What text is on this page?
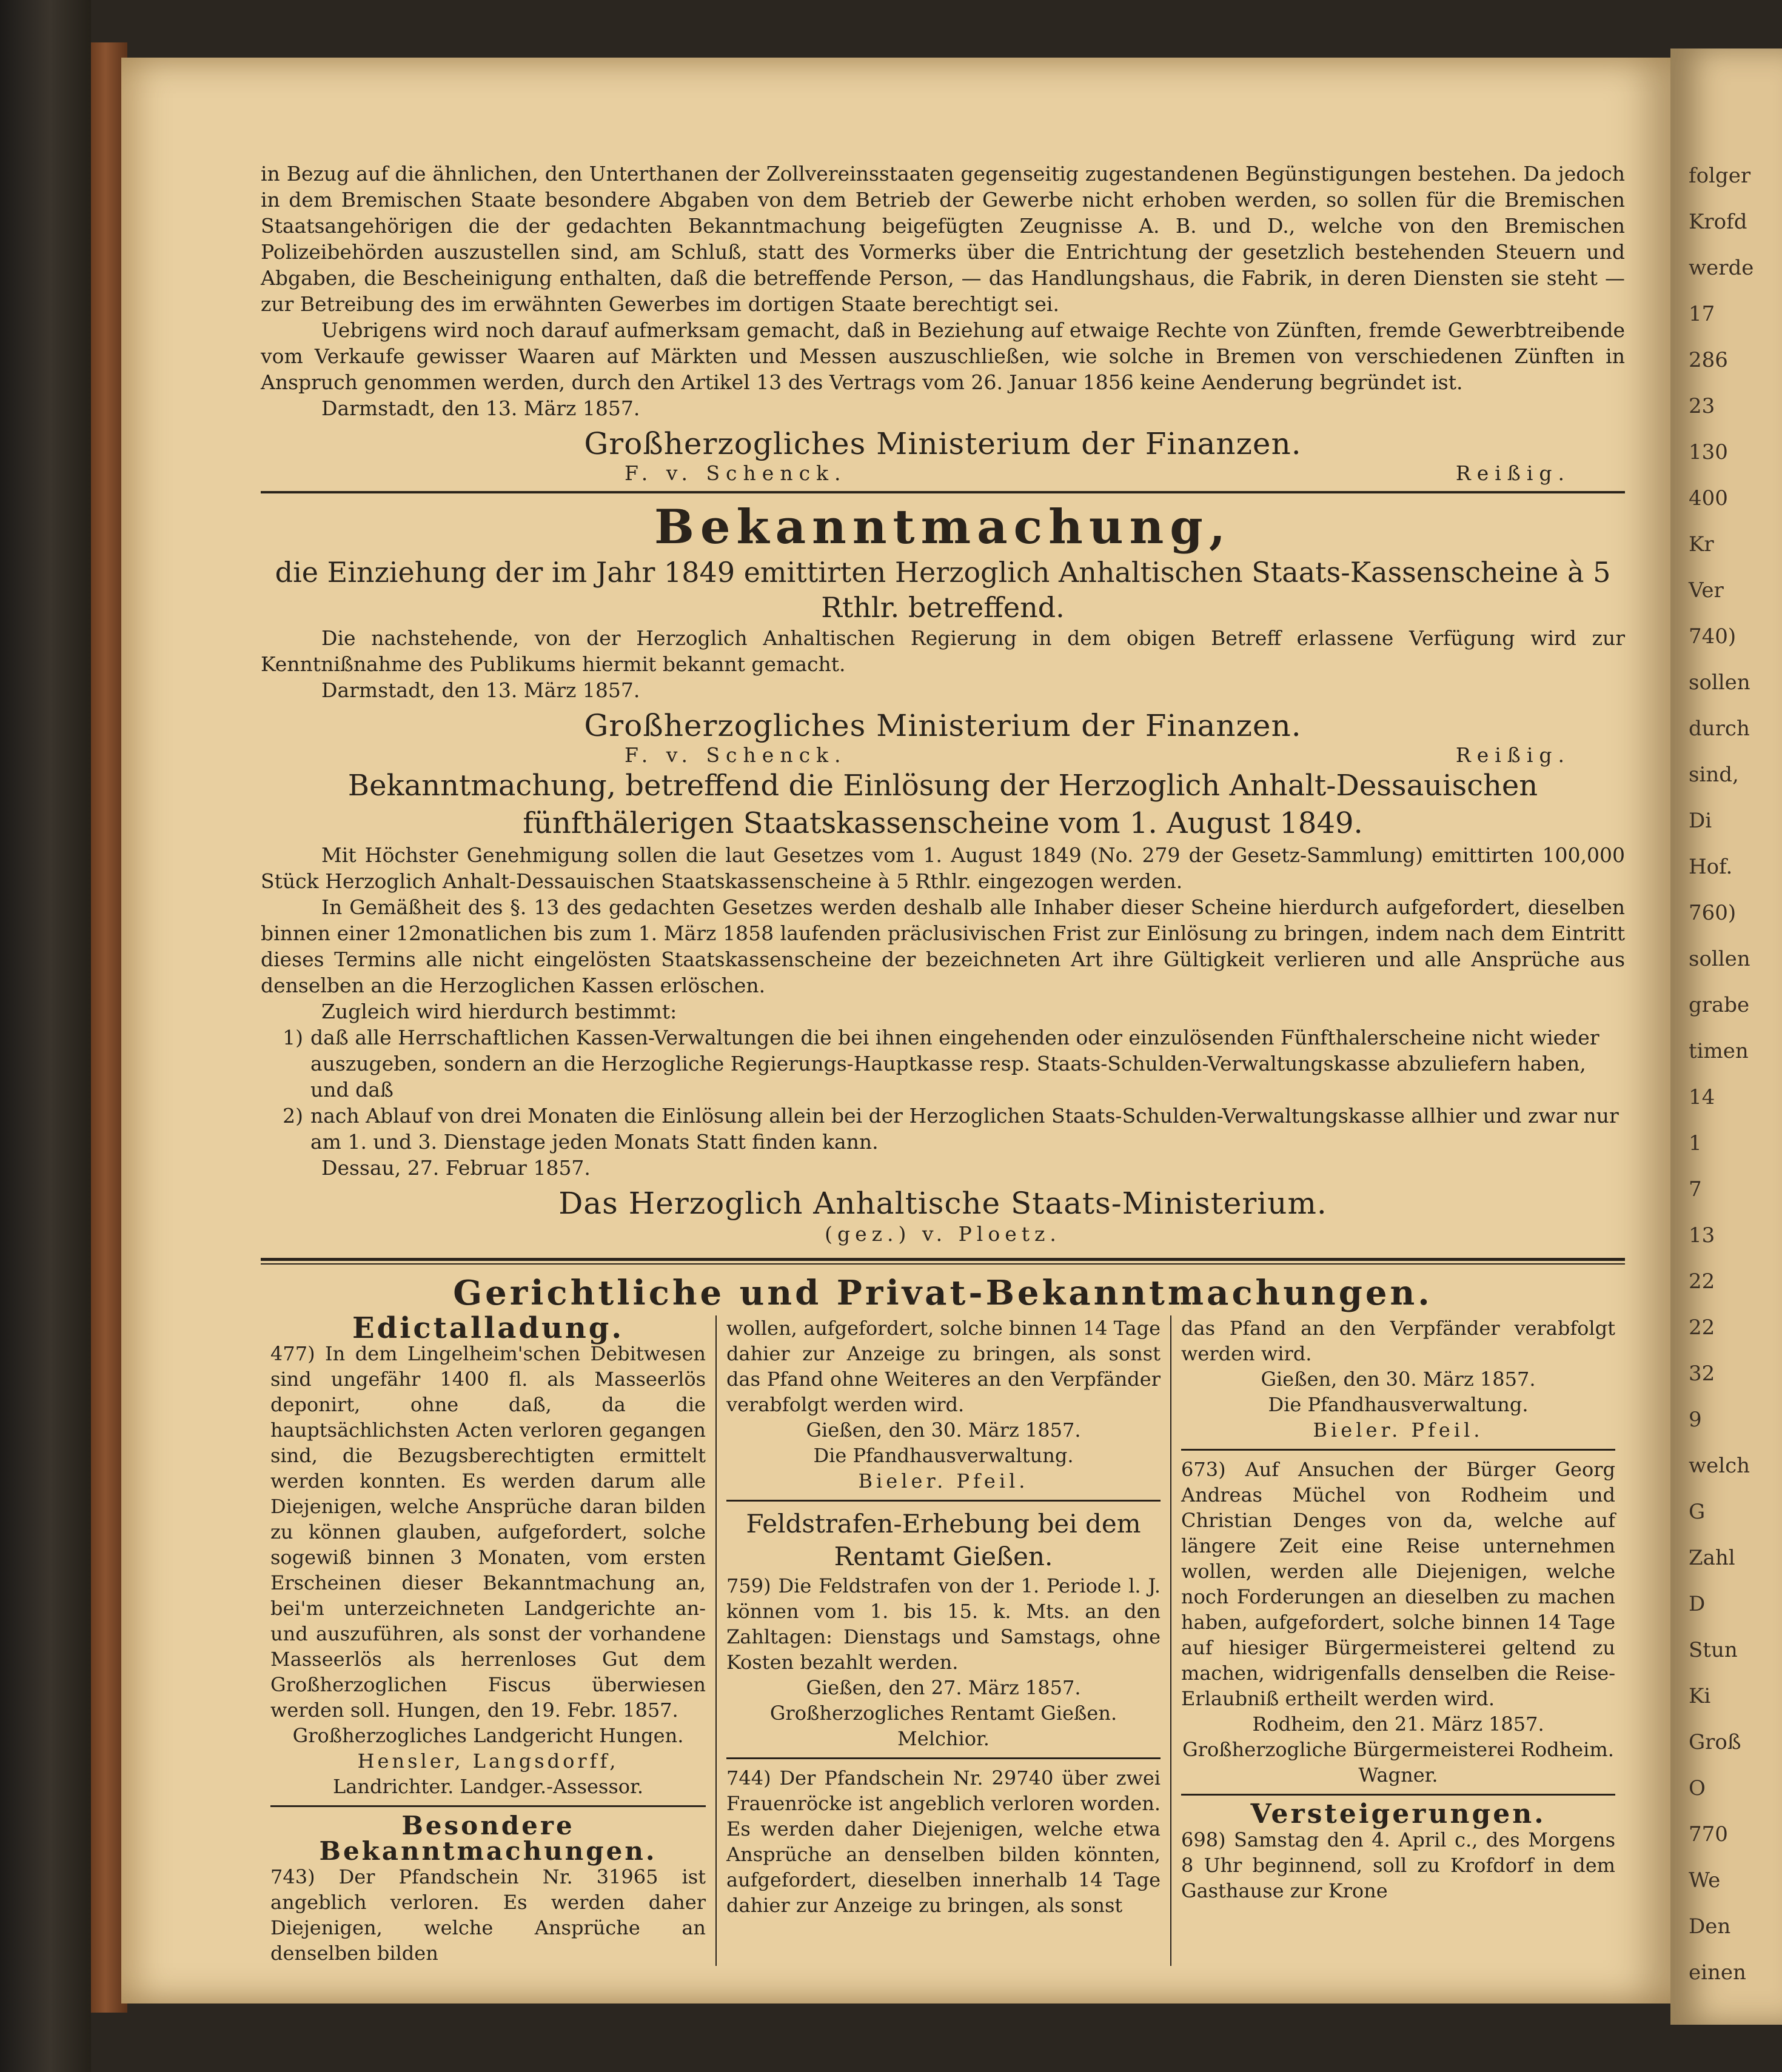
folger
Krofd
werde
17
286
23
130
400
Kr
Ver
740)
sollen
durch
sind,
Di
Hof.
760)
sollen
grabe
timen
14
1
7
13
22
22
32
9
welch
G
Zahl
D
Stun
Ki
Groß
O
770
We
Den
einen

in Bezug auf die ähnlichen, den Unterthanen der Zollvereinsstaaten gegenseitig zugestandenen Begünstigungen bestehen. Da jedoch in dem Bremischen Staate besondere Abgaben von dem Betrieb der Gewerbe nicht erhoben werden, so sollen für die Bremischen Staatsangehörigen die der gedachten Bekanntmachung beigefügten Zeugnisse A. B. und D., welche von den Bremischen Polizeibehörden auszustellen sind, am Schluß, statt des Vormerks über die Entrichtung der gesetzlich bestehenden Steuern und Abgaben, die Bescheinigung enthalten, daß die betreffende Person, — das Handlungshaus, die Fabrik, in deren Diensten sie steht — zur Betreibung des im erwähnten Gewerbes im dortigen Staate berechtigt sei.

Uebrigens wird noch darauf aufmerksam gemacht, daß in Beziehung auf etwaige Rechte von Zünften, fremde Gewerbtreibende vom Verkaufe gewisser Waaren auf Märkten und Messen auszuschließen, wie solche in Bremen von verschiedenen Zünften in Anspruch genommen werden, durch den Artikel 13 des Vertrags vom 26. Januar 1856 keine Aenderung begründet ist.

Darmstadt, den 13. März 1857.

Großherzogliches Ministerium der Finanzen.

F. v. Schenck.	Reißig.

Bekanntmachung,

die Einziehung der im Jahr 1849 emittirten Herzoglich Anhaltischen Staats-Kassenscheine à 5 Rthlr. betreffend.

Die nachstehende, von der Herzoglich Anhaltischen Regierung in dem obigen Betreff erlassene Verfügung wird zur Kenntnißnahme des Publikums hiermit bekannt gemacht.

Darmstadt, den 13. März 1857.

Großherzogliches Ministerium der Finanzen.

F. v. Schenck.	Reißig.

Bekanntmachung, betreffend die Einlösung der Herzoglich Anhalt-Dessauischen fünfthälerigen Staatskassenscheine vom 1. August 1849.

Mit Höchster Genehmigung sollen die laut Gesetzes vom 1. August 1849 (No. 279 der Gesetz-Sammlung) emittirten 100,000 Stück Herzoglich Anhalt-Dessauischen Staatskassenscheine à 5 Rthlr. eingezogen werden.

In Gemäßheit des §. 13 des gedachten Gesetzes werden deshalb alle Inhaber dieser Scheine hierdurch aufgefordert, dieselben binnen einer 12monatlichen bis zum 1. März 1858 laufenden präclusivischen Frist zur Einlösung zu bringen, indem nach dem Eintritt dieses Termins alle nicht eingelösten Staatskassenscheine der bezeichneten Art ihre Gültigkeit verlieren und alle Ansprüche aus denselben an die Herzoglichen Kassen erlöschen.

Zugleich wird hierdurch bestimmt:

1) daß alle Herrschaftlichen Kassen-Verwaltungen die bei ihnen eingehenden oder einzulösenden Fünfthalerscheine nicht wieder auszugeben, sondern an die Herzogliche Regierungs-Hauptkasse resp. Staats-Schulden-Verwaltungskasse abzuliefern haben, und daß
2) nach Ablauf von drei Monaten die Einlösung allein bei der Herzoglichen Staats-Schulden-Verwaltungskasse allhier und zwar nur am 1. und 3. Dienstage jeden Monats Statt finden kann.

Dessau, 27. Februar 1857.

Das Herzoglich Anhaltische Staats-Ministerium.

(gez.) v. Ploetz.

Gerichtliche und Privat-Bekanntmachungen.

Edictalladung.

477) In dem Lingelheim'schen Debitwesen sind ungefähr 1400 fl. als Masseerlös deponirt, ohne daß, da die hauptsächlichsten Acten verloren gegangen sind, die Bezugsberechtigten ermittelt werden konnten. Es werden darum alle Diejenigen, welche Ansprüche daran bilden zu können glauben, aufgefordert, solche sogewiß binnen 3 Monaten, vom ersten Erscheinen dieser Bekanntmachung an, bei'm unterzeichneten Landgerichte an- und auszuführen, als sonst der vorhandene Masseerlös als herrenloses Gut dem Großherzoglichen Fiscus überwiesen werden soll. Hungen, den 19. Febr. 1857.

Großherzogliches Landgericht Hungen.

Hensler, Langsdorff,

Landrichter. Landger.-Assessor.

Besondere Bekanntmachungen.

743) Der Pfandschein Nr. 31965 ist angeblich verloren. Es werden daher Diejenigen, welche Ansprüche an denselben bilden

wollen, aufgefordert, solche binnen 14 Tage dahier zur Anzeige zu bringen, als sonst das Pfand ohne Weiteres an den Verpfänder verabfolgt werden wird.

Gießen, den 30. März 1857.

Die Pfandhausverwaltung.

Bieler. Pfeil.

Feldstrafen-Erhebung bei dem Rentamt Gießen.

759) Die Feldstrafen von der 1. Periode l. J. können vom 1. bis 15. k. Mts. an den Zahltagen: Dienstags und Samstags, ohne Kosten bezahlt werden.

Gießen, den 27. März 1857.

Großherzogliches Rentamt Gießen.

Melchior.

744) Der Pfandschein Nr. 29740 über zwei Frauenröcke ist angeblich verloren worden. Es werden daher Diejenigen, welche etwa Ansprüche an denselben bilden könnten, aufgefordert, dieselben innerhalb 14 Tage dahier zur Anzeige zu bringen, als sonst

das Pfand an den Verpfänder verabfolgt werden wird.

Gießen, den 30. März 1857.

Die Pfandhausverwaltung.

Bieler. Pfeil.

673) Auf Ansuchen der Bürger Georg Andreas Müchel von Rodheim und Christian Denges von da, welche auf längere Zeit eine Reise unternehmen wollen, werden alle Diejenigen, welche noch Forderungen an dieselben zu machen haben, aufgefordert, solche binnen 14 Tage auf hiesiger Bürgermeisterei geltend zu machen, widrigenfalls denselben die Reise-Erlaubniß ertheilt werden wird.

Rodheim, den 21. März 1857.

Großherzogliche Bürgermeisterei Rodheim.

Wagner.

Versteigerungen.

698) Samstag den 4. April c., des Morgens 8 Uhr beginnend, soll zu Krofdorf in dem Gasthause zur Krone
